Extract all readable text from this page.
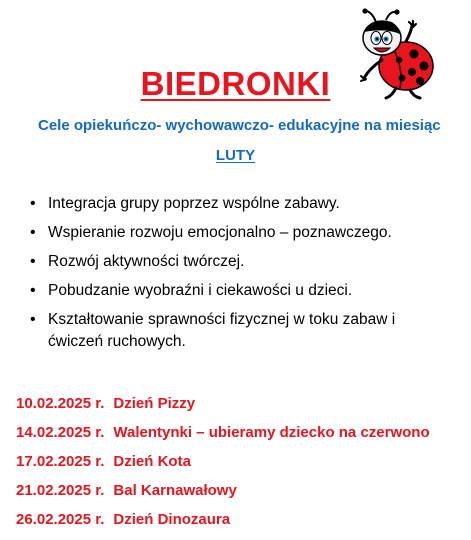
BIEDRONKI
Cele opiekuńczo- wychowawczo- edukacyjne na miesiąc
LUTY
• Integracja grupy poprzez wspólne zabawy.
• Wspieranie rozwoju emocjonalno – poznawczego.
• Rozwój aktywności twórczej.
• Pobudzanie wyobraźni i ciekawości u dzieci.
• Kształtowanie sprawności fizycznej w toku zabaw i ćwiczeń ruchowych.
10.02.2025 r. Dzień Pizzy
14.02.2025 r. Walentynki – ubieramy dziecko na czerwono
17.02.2025 r. Dzień Kota
21.02.2025 r. Bal Karnawałowy
26.02.2025 r. Dzień Dinozaura
